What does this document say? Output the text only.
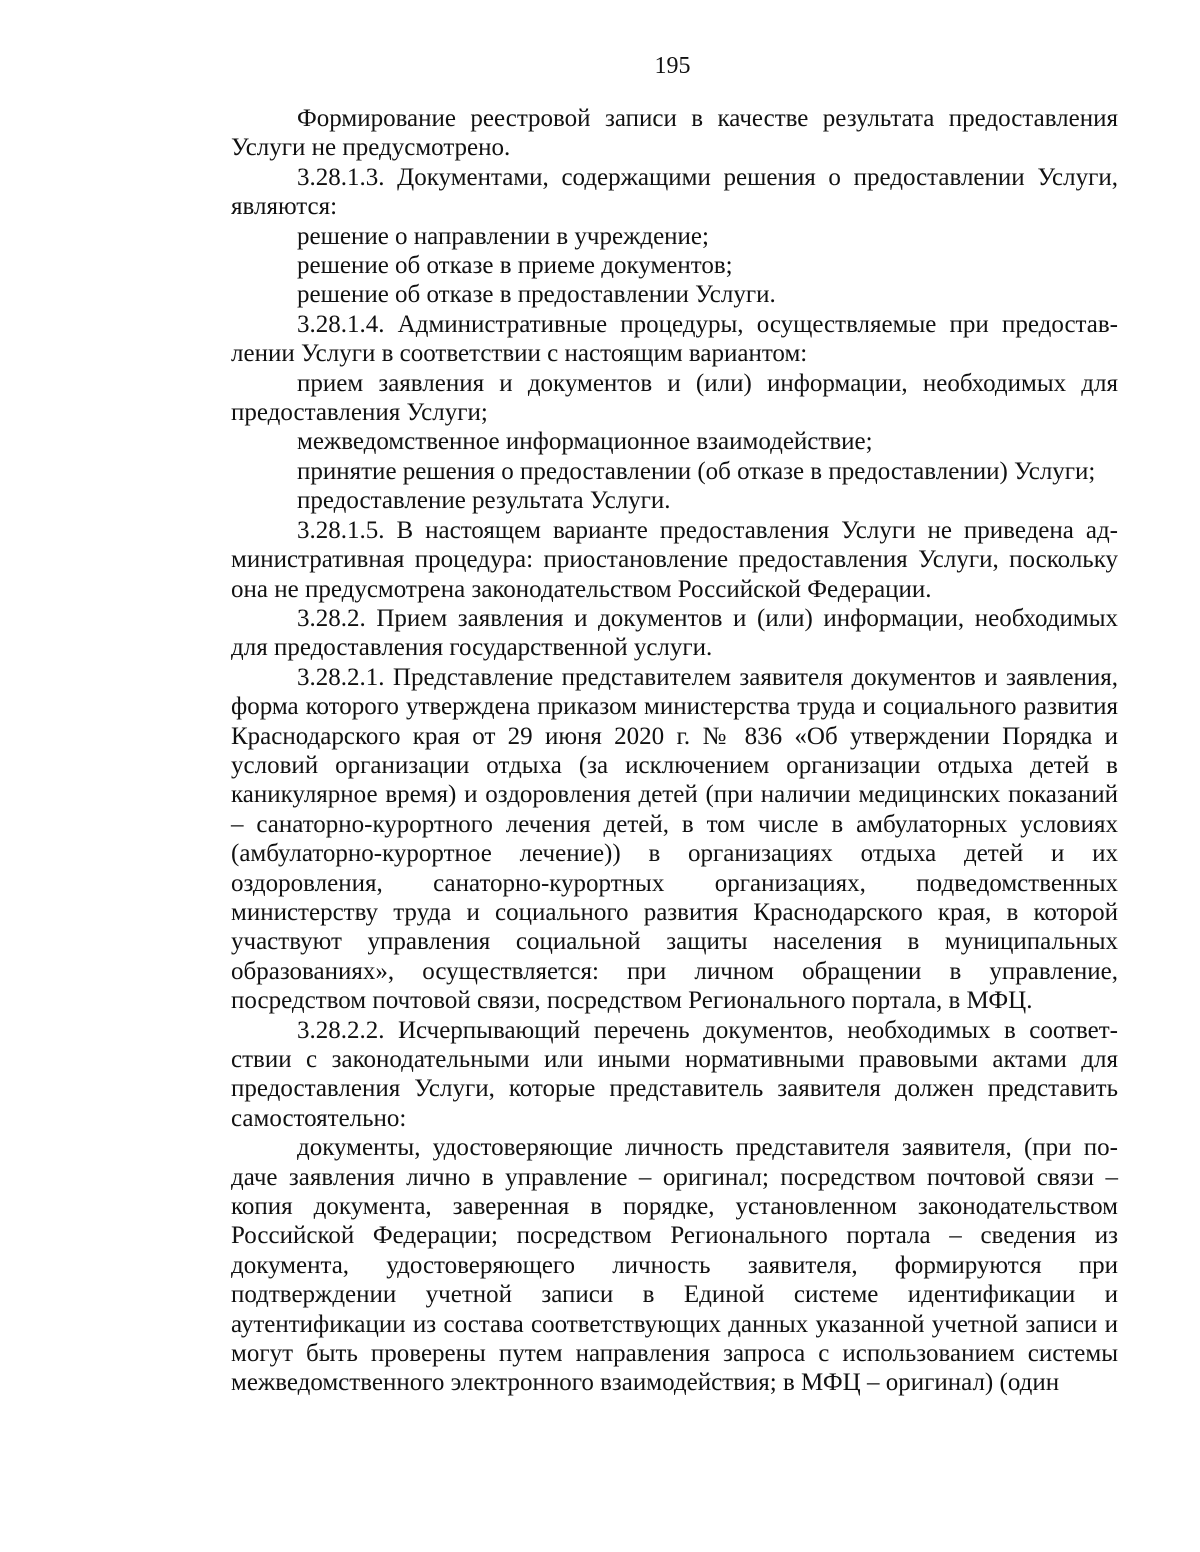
195

Формирование реестровой записи в качестве результата предоставления Услуги не предусмотрено.

3.28.1.3. Документами, содержащими решения о предоставлении Услуги, являются:

решение о направлении в учреждение;

решение об отказе в приеме документов;

решение об отказе в предоставлении Услуги.

3.28.1.4. Административные процедуры, осуществляемые при предоставлении Услуги в соответствии с настоящим вариантом:

прием заявления и документов и (или) информации, необходимых для предоставления Услуги;

межведомственное информационное взаимодействие;

принятие решения о предоставлении (об отказе в предоставлении) Услуги;

предоставление результата Услуги.

3.28.1.5. В настоящем варианте предоставления Услуги не приведена административная процедура: приостановление предоставления Услуги, поскольку она не предусмотрена законодательством Российской Федерации.

3.28.2. Прием заявления и документов и (или) информации, необходимых для предоставления государственной услуги.

3.28.2.1. Представление представителем заявителя документов и заявления, форма которого утверждена приказом министерства труда и социального развития Краснодарского края от 29 июня 2020 г. № 836 «Об утверждении Порядка и условий организации отдыха (за исключением организации отдыха детей в каникулярное время) и оздоровления детей (при наличии медицинских показаний – санаторно-курортного лечения детей, в том числе в амбулаторных условиях (амбулаторно-курортное лечение)) в организациях отдыха детей и их оздоровления, санаторно-курортных организациях, подведомственных министерству труда и социального развития Краснодарского края, в которой участвуют управления социальной защиты населения в муниципальных образованиях», осуществляется: при личном обращении в управление, посредством почтовой связи, посредством Регионального портала, в МФЦ.

3.28.2.2. Исчерпывающий перечень документов, необходимых в соответствии с законодательными или иными нормативными правовыми актами для предоставления Услуги, которые представитель заявителя должен представить самостоятельно:

документы, удостоверяющие личность представителя заявителя, (при подаче заявления лично в управление – оригинал; посредством почтовой связи – копия документа, заверенная в порядке, установленном законодательством Российской Федерации; посредством Регионального портала – сведения из документа, удостоверяющего личность заявителя, формируются при подтверждении учетной записи в Единой системе идентификации и аутентификации из состава соответствующих данных указанной учетной записи и могут быть проверены путем направления запроса с использованием системы межведомственного электронного взаимодействия; в МФЦ – оригинал) (один
